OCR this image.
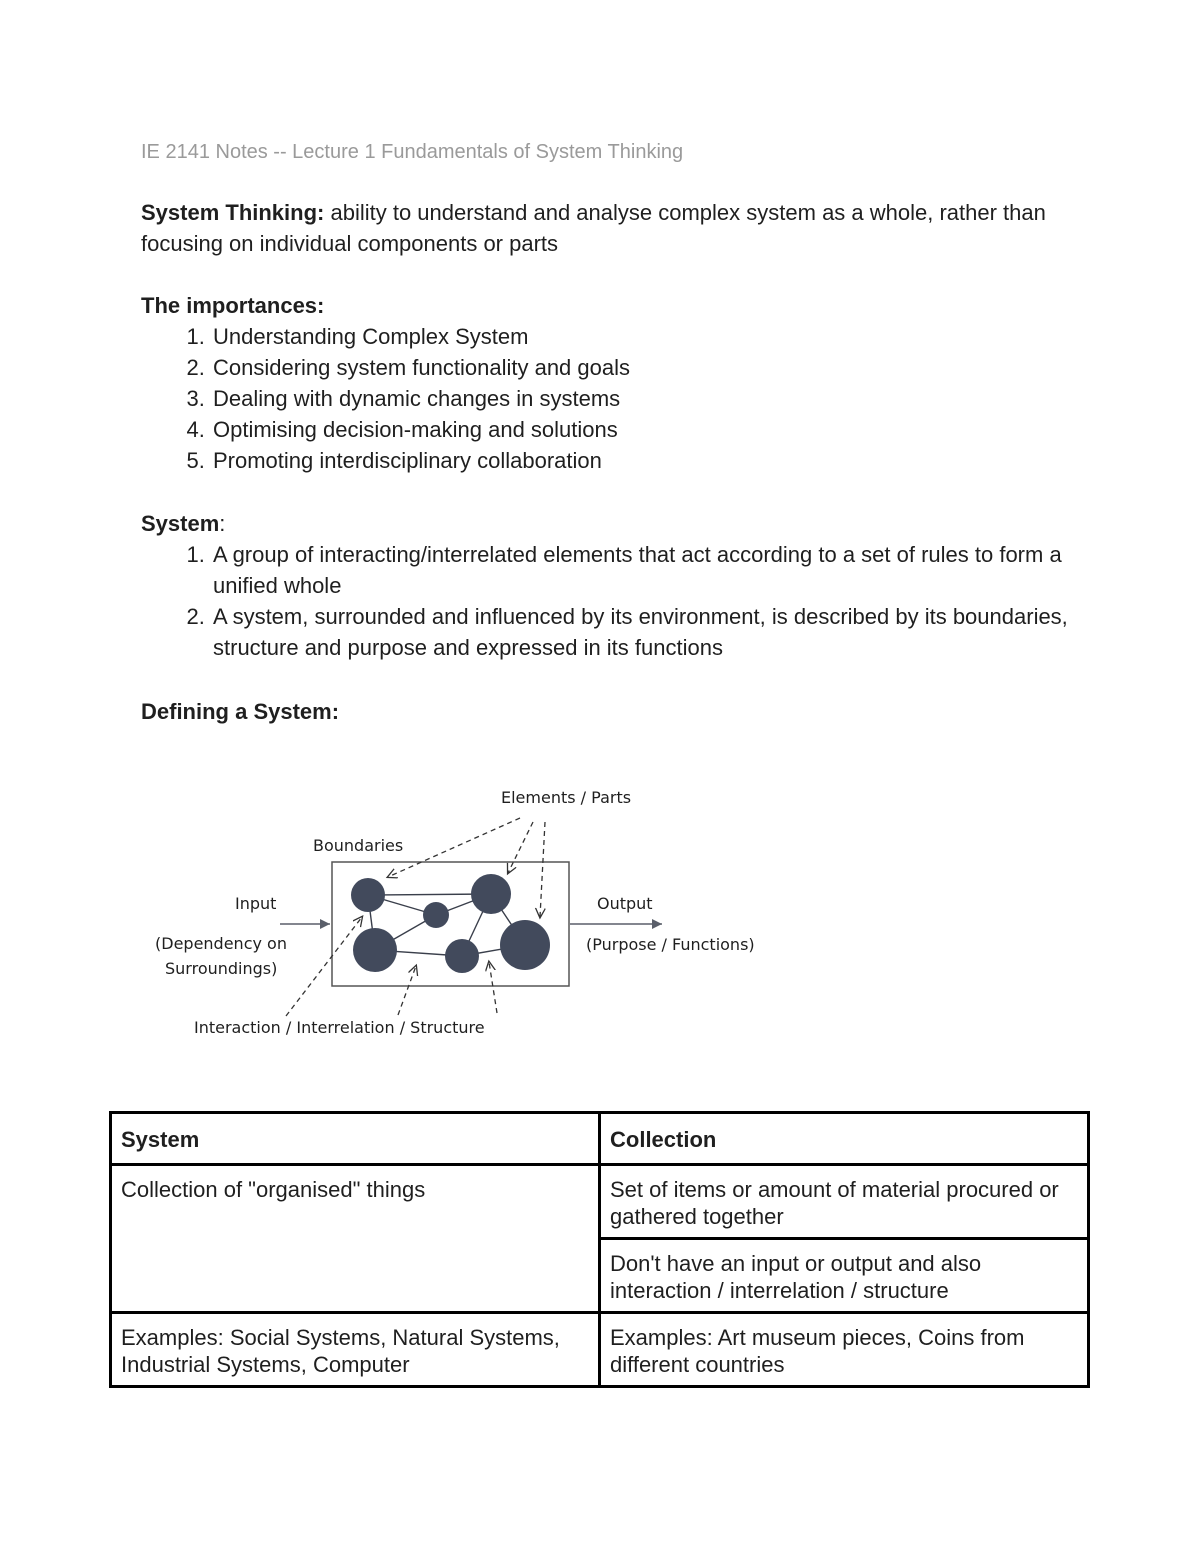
IE 2141 Notes -- Lecture 1 Fundamentals of System Thinking
System Thinking: ability to understand and analyse complex system as a whole, rather than focusing on individual components or parts
The importances:
1. Understanding Complex System
2. Considering system functionality and goals
3. Dealing with dynamic changes in systems
4. Optimising decision-making and solutions
5. Promoting interdisciplinary collaboration
System:
1. A group of interacting/interrelated elements that act according to a set of rules to form a unified whole
2. A system, surrounded and influenced by its environment, is described by its boundaries, structure and purpose and expressed in its functions
Defining a System:
Elements / Parts
Boundaries
Input
(Dependency on
Surroundings)
Output
(Purpose / Functions)
Interaction / Interrelation / Structure
System	Collection
Collection of "organised" things	Set of items or amount of material procured or gathered together
	Don't have an input or output and also interaction / interrelation / structure
Examples: Social Systems, Natural Systems, Industrial Systems, Computer	Examples: Art museum pieces, Coins from different countries
